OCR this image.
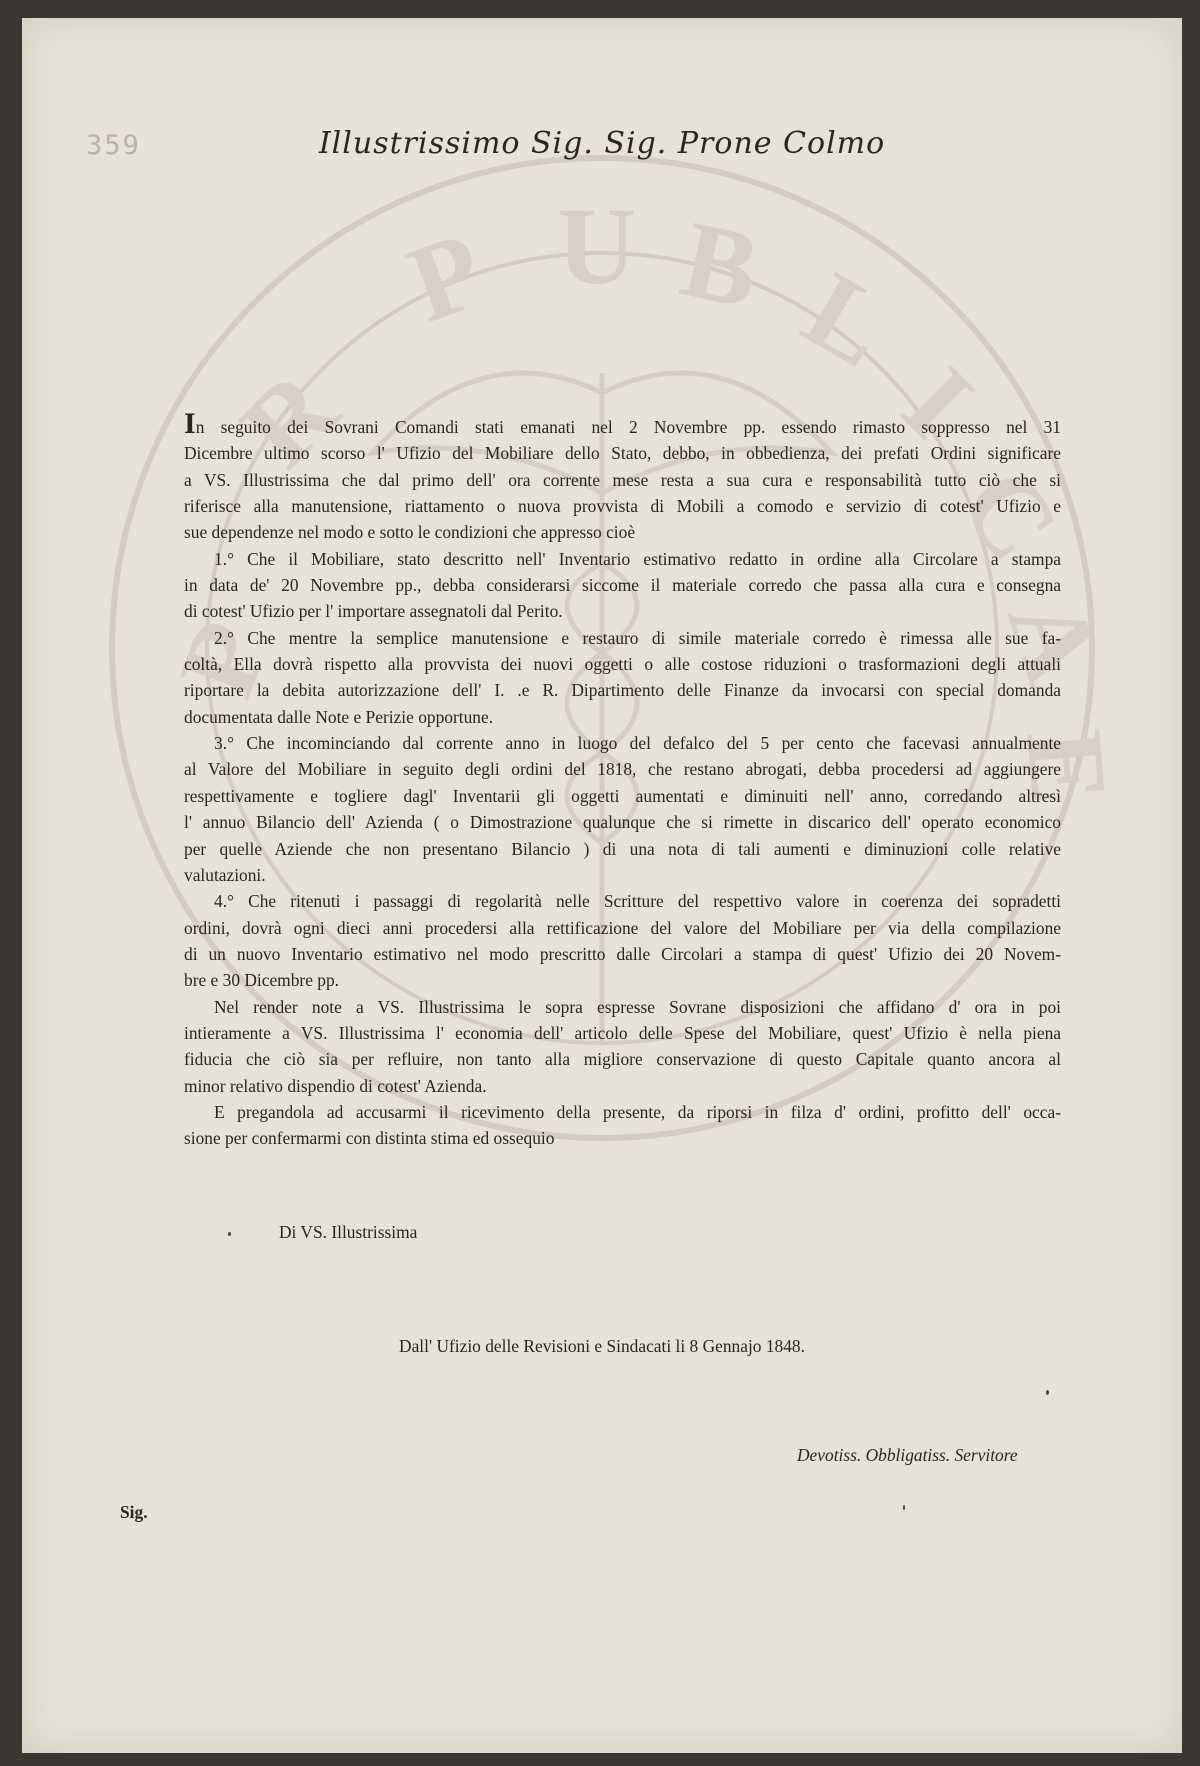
P
R
P U B L
I
C
A
E
359	Illustrissimo Sig. Sig. Prone Colmo
In seguito dei Sovrani Comandi stati emanati nel 2 Novembre pp. essendo rimasto soppresso nel 31
Dicembre ultimo scorso l' Ufizio del Mobiliare dello Stato, debbo, in obbedienza, dei prefati Ordini significare
a VS. Illustrissima che dal primo dell' ora corrente mese resta a sua cura e responsabilità tutto ciò che si
riferisce alla manutensione, riattamento o nuova provvista di Mobili a comodo e servizio di cotest' Ufizio e
sue dependenze nel modo e sotto le condizioni che appresso cioè
1.° Che il Mobiliare, stato descritto nell' Inventario estimativo redatto in ordine alla Circolare a stampa
in data de' 20 Novembre pp., debba considerarsi siccome il materiale corredo che passa alla cura e consegna
di cotest' Ufizio per l' importare assegnatoli dal Perito.
2.° Che mentre la semplice manutensione e restauro di simile materiale corredo è rimessa alle sue fa-
coltà, Ella dovrà rispetto alla provvista dei nuovi oggetti o alle costose riduzioni o trasformazioni degli attuali
riportare la debita autorizzazione dell' I. .e R. Dipartimento delle Finanze da invocarsi con special domanda
documentata dalle Note e Perizie opportune.
3.° Che incominciando dal corrente anno in luogo del defalco del 5 per cento che facevasi annualmente
al Valore del Mobiliare in seguito degli ordini del 1818, che restano abrogati, debba procedersi ad aggiungere
respettivamente e togliere dagl' Inventarii gli oggetti aumentati e diminuiti nell' anno, corredando altresì
l' annuo Bilancio dell' Azienda ( o Dimostrazione qualunque che si rimette in discarico dell' operato economico
per quelle Aziende che non presentano Bilancio ) di una nota di tali aumenti e diminuzioni colle relative
valutazioni.
4.° Che ritenuti i passaggi di regolarità nelle Scritture del respettivo valore in coerenza dei sopradetti
ordini, dovrà ogni dieci anni procedersi alla rettificazione del valore del Mobiliare per via della compilazione
di un nuovo Inventario estimativo nel modo prescritto dalle Circolari a stampa di quest' Ufizio dei 20 Novem-
bre e 30 Dicembre pp.
Nel render note a VS. Illustrissima le sopra espresse Sovrane disposizioni che affidano d' ora in poi
intieramente a VS. Illustrissima l' economia dell' articolo delle Spese del Mobiliare, quest' Ufizio è nella piena
fiducia che ciò sia per refluire, non tanto alla migliore conservazione di questo Capitale quanto ancora al
minor relativo dispendio di cotest' Azienda.
E pregandola ad accusarmi il ricevimento della presente, da riporsi in filza d' ordini, profitto dell' occa-
sione per confermarmi con distinta stima ed ossequio
Di VS. Illustrissima
Dall' Ufizio delle Revisioni e Sindacati li 8 Gennajo 1848.
Devotiss. Obbligatiss. Servitore
Sig.
